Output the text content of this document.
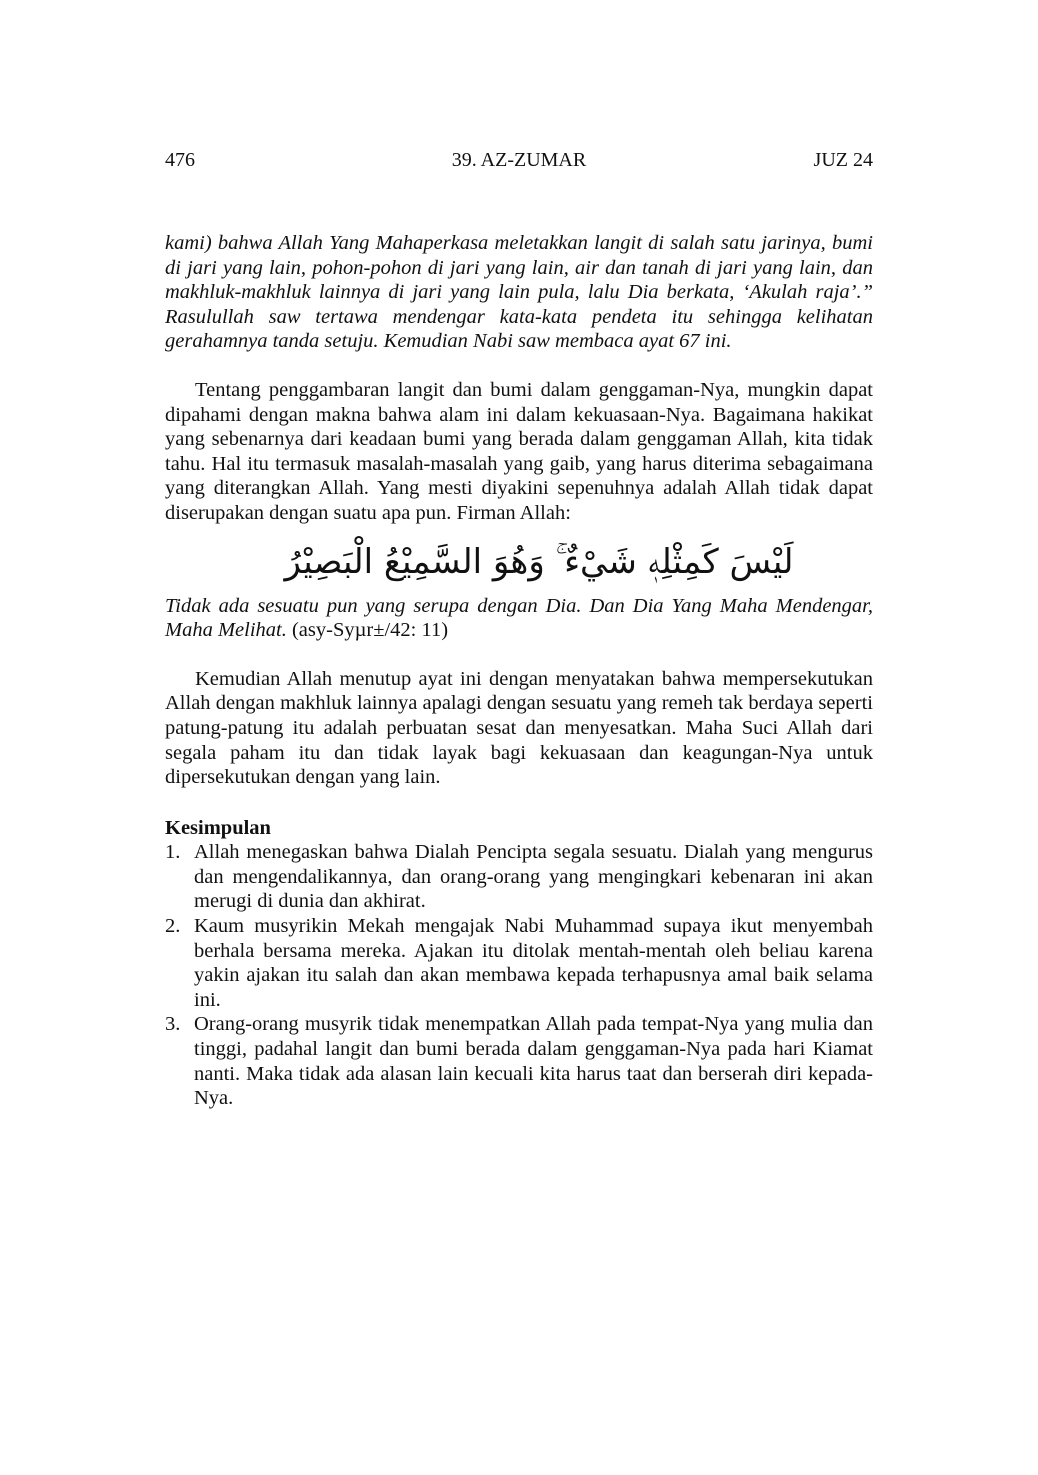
476	39. AZ-ZUMAR	JUZ 24

kami) bahwa Allah Yang Mahaperkasa meletakkan langit di salah satu jarinya, bumi di jari yang lain, pohon-pohon di jari yang lain, air dan tanah di jari yang lain, dan makhluk-makhluk lainnya di jari yang lain pula, lalu Dia berkata, ‘Akulah raja’.” Rasulullah saw tertawa mendengar kata-kata pendeta itu sehingga kelihatan gerahamnya tanda setuju. Kemudian Nabi saw membaca ayat 67 ini.

Tentang penggambaran langit dan bumi dalam genggaman-Nya, mungkin dapat dipahami dengan makna bahwa alam ini dalam kekuasaan-Nya. Bagaimana hakikat yang sebenarnya dari keadaan bumi yang berada dalam genggaman Allah, kita tidak tahu. Hal itu termasuk masalah-masalah yang gaib, yang harus diterima sebagaimana yang diterangkan Allah. Yang mesti diyakini sepenuhnya adalah Allah tidak dapat diserupakan dengan suatu apa pun. Firman Allah:

لَيْسَ كَمِثْلِهٖ شَيْءٌ ۚ وَهُوَ السَّمِيْعُ الْبَصِيْرُ

Tidak ada sesuatu pun yang serupa dengan Dia. Dan Dia Yang Maha Mendengar, Maha Melihat. (asy-Syµr±/42: 11)

Kemudian Allah menutup ayat ini dengan menyatakan bahwa mempersekutukan Allah dengan makhluk lainnya apalagi dengan sesuatu yang remeh tak berdaya seperti patung-patung itu adalah perbuatan sesat dan menyesatkan. Maha Suci Allah dari segala paham itu dan tidak layak bagi kekuasaan dan keagungan-Nya untuk dipersekutukan dengan yang lain.

Kesimpulan
1. Allah menegaskan bahwa Dialah Pencipta segala sesuatu. Dialah yang mengurus dan mengendalikannya, dan orang-orang yang mengingkari kebenaran ini akan merugi di dunia dan akhirat.
2. Kaum musyrikin Mekah mengajak Nabi Muhammad supaya ikut menyembah berhala bersama mereka. Ajakan itu ditolak mentah-mentah oleh beliau karena yakin ajakan itu salah dan akan membawa kepada terhapusnya amal baik selama ini.
3. Orang-orang musyrik tidak menempatkan Allah pada tempat-Nya yang mulia dan tinggi, padahal langit dan bumi berada dalam genggaman-Nya pada hari Kiamat nanti. Maka tidak ada alasan lain kecuali kita harus taat dan berserah diri kepada-Nya.
